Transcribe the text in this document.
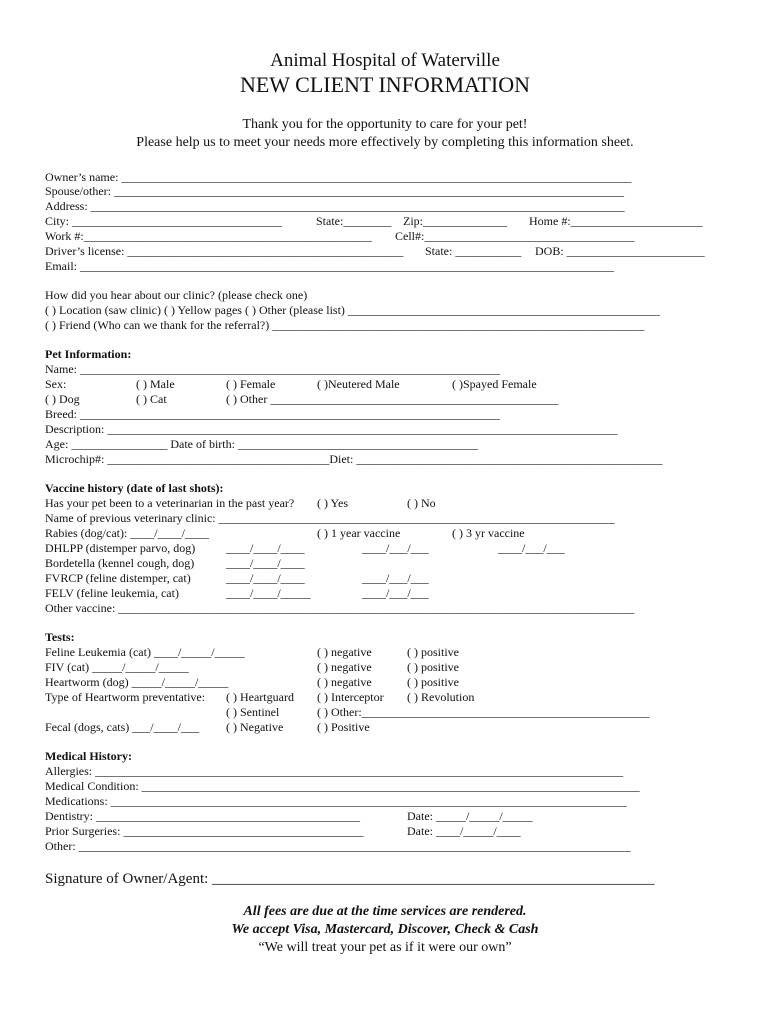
Animal Hospital of Waterville
NEW CLIENT INFORMATION
Thank you for the opportunity to care for your pet!
Please help us to meet your needs more effectively by completing this information sheet.
Owner’s name: _____________________________________________________________________________________
Spouse/other: _____________________________________________________________________________________
Address: _________________________________________________________________________________________
City: ___________________________________	State:________ Zip:______________ Home #:______________________
Work #:________________________________________________ Cell#:___________________________________
Driver’s license: ______________________________________________ State: ___________ DOB: _______________________
Email: _________________________________________________________________________________________
How did you hear about our clinic? (please check one)
( ) Location (saw clinic) ( ) Yellow pages ( ) Other (please list) ____________________________________________________
( ) Friend (Who can we thank for the referral?) ______________________________________________________________
Pet Information:
Name: ______________________________________________________________________
Sex:	( ) Male	( ) Female	( )Neutered Male	( )Spayed Female
( ) Dog	( ) Cat	( ) Other ________________________________________________
Breed: ______________________________________________________________________
Description: _____________________________________________________________________________________
Age: ________________ Date of birth: ________________________________________
Microchip#: _____________________________________Diet: ___________________________________________________
Vaccine history (date of last shots):
Has your pet been to a veterinarian in the past year? ( ) Yes	( ) No
Name of previous veterinary clinic: __________________________________________________________________
Rabies (dog/cat): ____/____/____	( ) 1 year vaccine	( ) 3 yr vaccine
DHLPP (distemper parvo, dog)	____/____/____	____/___/___	____/___/___
Bordetella (kennel cough, dog)	____/____/____
FVRCP (feline distemper, cat)	____/____/____	____/___/___
FELV (feline leukemia, cat)	____/____/_____	____/___/___
Other vaccine: ______________________________________________________________________________________
Tests:
Feline Leukemia (cat) ____/_____/_____	( ) negative	( ) positive
FIV (cat) _____/_____/_____	( ) negative	( ) positive
Heartworm (dog) _____/_____/_____	( ) negative	( ) positive
Type of Heartworm preventative: ( ) Heartguard ( ) Interceptor ( ) Revolution
( ) Sentinel	( ) Other:________________________________________________
Fecal (dogs, cats) ___/____/___ ( ) Negative	( ) Positive
Medical History:
Allergies: ________________________________________________________________________________________
Medical Condition: ___________________________________________________________________________________
Medications: ______________________________________________________________________________________
Dentistry: ____________________________________________	Date: _____/_____/_____
Prior Surgeries: ________________________________________	Date: ____/_____/____
Other: ____________________________________________________________________________________________
Signature of Owner/Agent: ___________________________________________________________
All fees are due at the time services are rendered.
We accept Visa, Mastercard, Discover, Check & Cash
“We will treat your pet as if it were our own”
